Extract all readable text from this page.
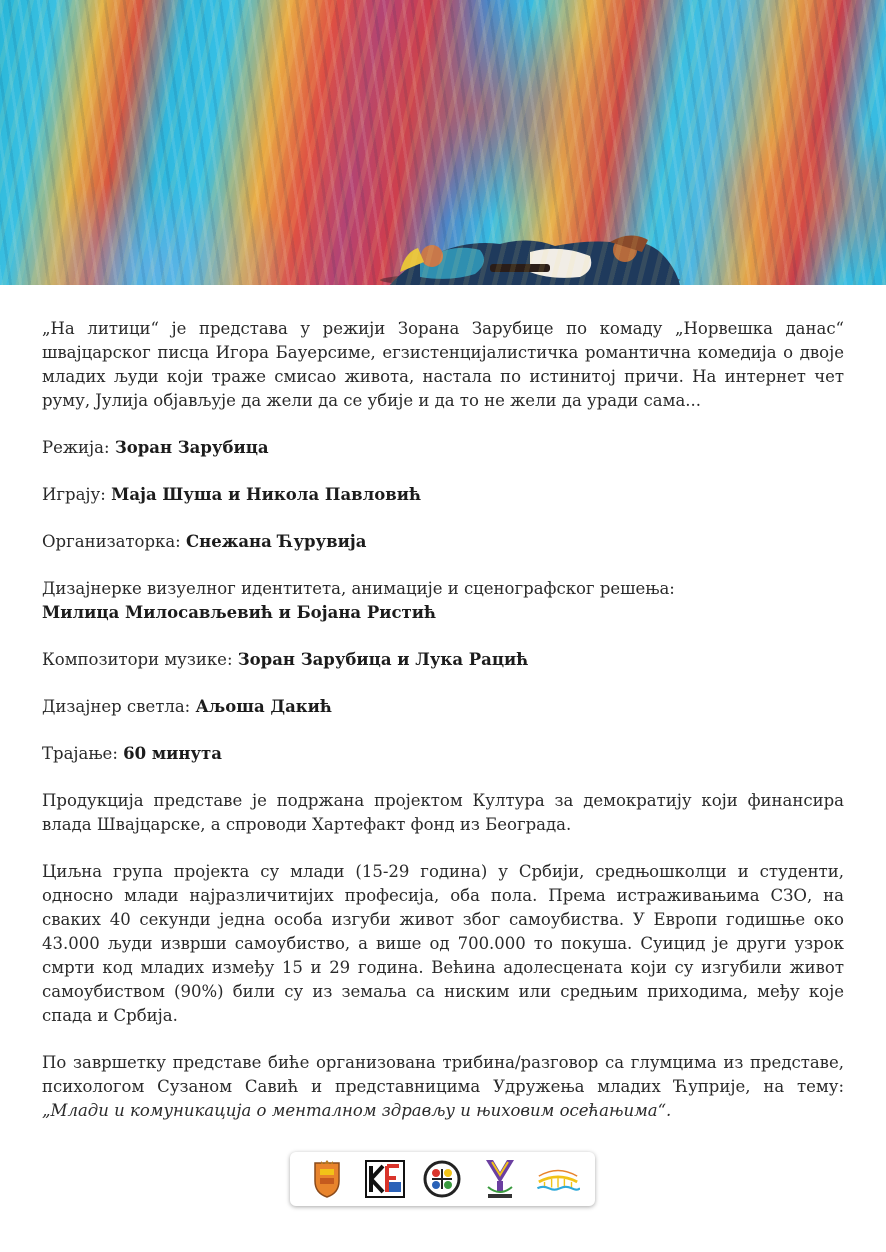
„На литици“ је представа у режији Зорана Зарубице по комаду „Норвешка данас“ швајцарског писца Игора Бауерсиме, егзистенцијалистичка романтична комедија о двоје младих људи који траже смисао живота, настала по истинитој причи. На интернет чет руму, Јулија објављује да жели да се убије и да то не жели да уради сама...

Режија: Зоран Зарубица

Играју: Маја Шуша и Никола Павловић

Организаторка: Снежана Ћурувија

Дизајнерке визуелног идентитета, анимације и сценографског решења:
Милица Милосављевић и Бојана Ристић

Композитори музике: Зоран Зарубица и Лука Рацић

Дизајнер светла: Аљоша Дакић

Трајање: 60 минута

Продукција представе је подржана пројектом Култура за демократију који финансира влада Швајцарске, а спроводи Хартефакт фонд из Београда.

Циљна група пројекта су млади (15-29 година) у Србији, средњошколци и студенти, односно млади најразличитијих професија, оба пола. Према истраживањима СЗО, на сваких 40 секунди једна особа изгуби живот због самоубиства. У Европи годишње око 43.000 људи изврши самоубиство, а више од 700.000 то покуша. Суицид је други узрок смрти код младих између 15 и 29 година. Већина адолесцената који су изгубили живот самоубиством (90%) били су из земаља са ниским или средњим приходима, међу које спада и Србија.

По завршетку представе биће организована трибина/разговор са глумцима из представе, психологом Сузаном Савић и представницима Удружења младих Ћуприје, на тему: „Млади и комуникација о менталном здрављу и њиховим осећањима“.
